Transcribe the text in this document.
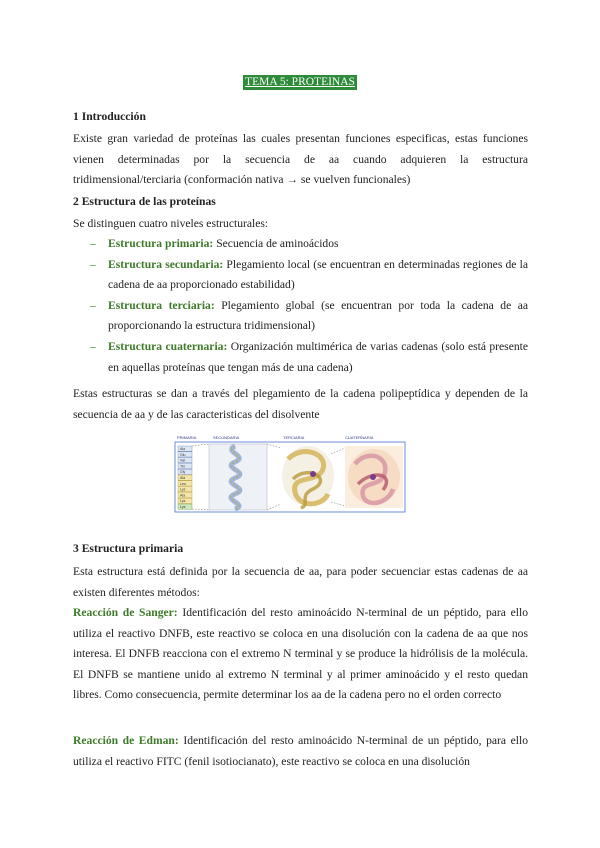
TEMA 5: PROTEINAS
1 Introducción

Existe gran variedad de proteínas las cuales presentan funciones especificas, estas funciones vienen determinadas por la secuencia de aa cuando adquieren la estructura tridimensional/terciaria (conformación nativa → se vuelven funcionales)

2 Estructura de las proteínas

Se distinguen cuatro niveles estructurales:

– Estructura primaria: Secuencia de aminoácidos
– Estructura secundaria: Plegamiento local (se encuentran en determinadas regiones de la cadena de aa proporcionado estabilidad)
– Estructura terciaria: Plegamiento global (se encuentran por toda la cadena de aa proporcionando la estructura tridimensional)
– Estructura cuaternaria: Organización multimérica de varias cadenas (solo está presente en aquellas proteínas que tengan más de una cadena)

Estas estructuras se dan a través del plegamiento de la cadena polipeptídica y dependen de la secuencia de aa y de las caracteristicas del disolvente

PRIMARIA	SECUNDARIA	TERCIARIA	CUATERNARIA
Ala
Glu
Val
Thr
Gly
Ala
Leu
Lys
Ala
Lys
Lys
3 Estructura primaria

Esta estructura está definida por la secuencia de aa, para poder secuenciar estas cadenas de aa existen diferentes métodos:

Reacción de Sanger: Identificación del resto aminoácido N-terminal de un péptido, para ello utiliza el reactivo DNFB, este reactivo se coloca en una disolución con la cadena de aa que nos interesa. El DNFB reacciona con el extremo N terminal y se produce la hidrólisis de la molécula. El DNFB se mantiene unido al extremo N terminal y al primer aminoácido y el resto quedan libres. Como consecuencia, permite determinar los aa de la cadena pero no el orden correcto

Reacción de Edman: Identificación del resto aminoácido N-terminal de un péptido, para ello utiliza el reactivo FITC (fenil isotiocianato), este reactivo se coloca en una disolución
